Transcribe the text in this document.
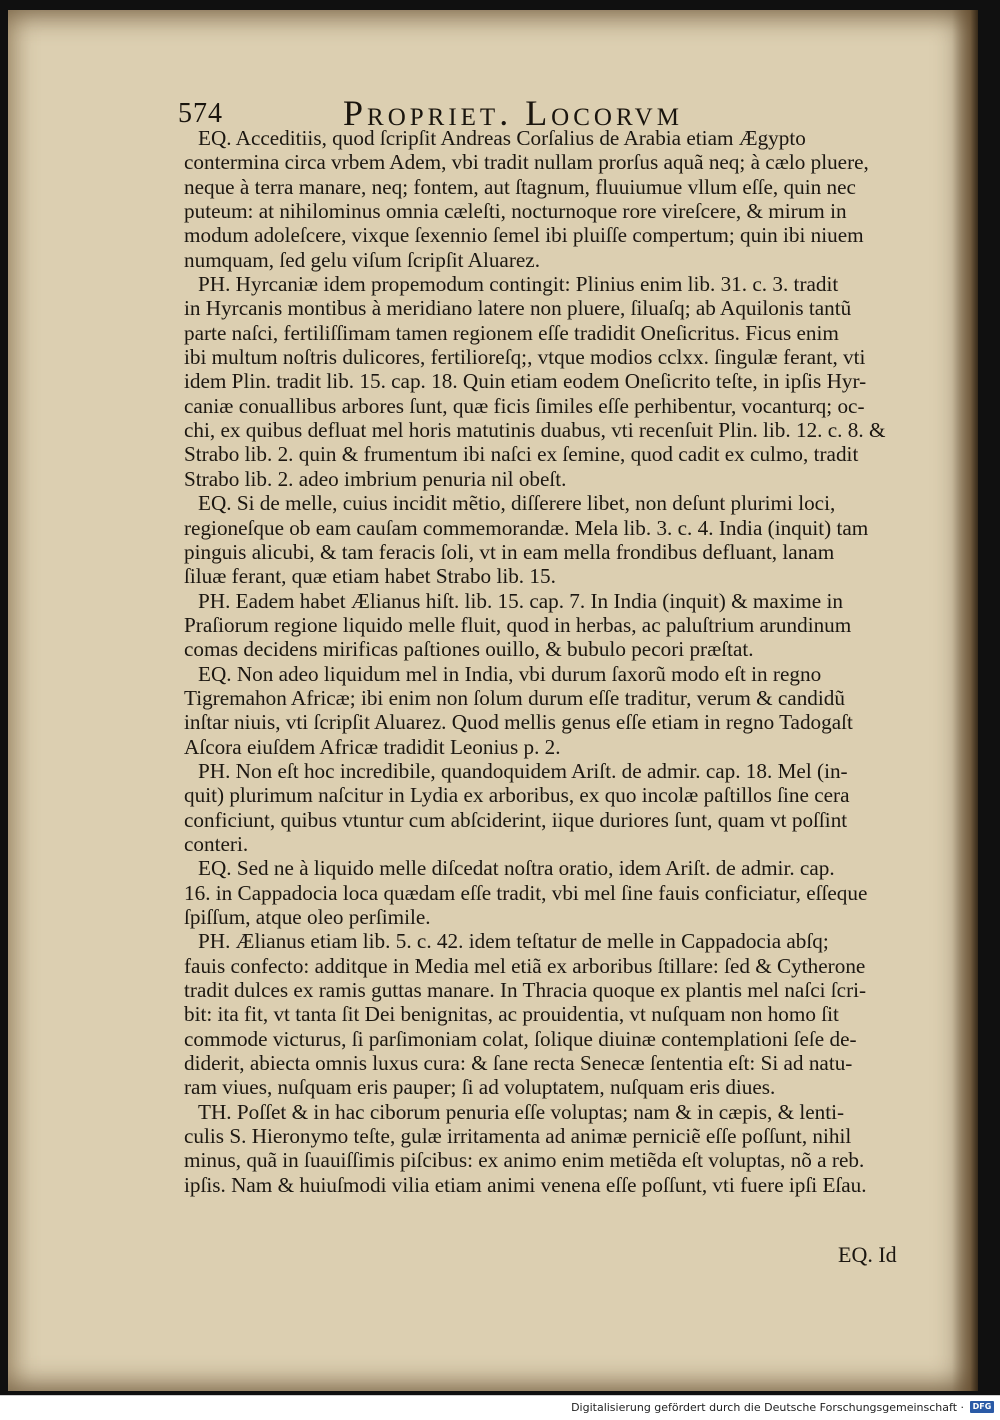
574	Propriet. Locorvm
EQ. Acceditiis, quod ſcripſit Andreas Corſalius de Arabia etiam Ægypto
contermina circa vrbem Adem, vbi tradit nullam prorſus aquã neq; à cælo pluere,
neque à terra manare, neq; fontem, aut ſtagnum, fluuiumue vllum eſſe, quin nec
puteum: at nihilominus omnia cæleſti, nocturnoque rore vireſcere, & mirum in
modum adoleſcere, vixque ſexennio ſemel ibi pluiſſe compertum; quin ibi niuem
numquam, ſed gelu viſum ſcripſit Aluarez.
PH. Hyrcaniæ idem propemodum contingit: Plinius enim lib. 31. c. 3. tradit
in Hyrcanis montibus à meridiano latere non pluere, ſiluaſq; ab Aquilonis tantũ
parte naſci, fertiliſſimam tamen regionem eſſe tradidit Oneſicritus. Ficus enim
ibi multum noſtris dulicores, fertilioreſq;, vtque modios cclxx. ſingulæ ferant, vti
idem Plin. tradit lib. 15. cap. 18. Quin etiam eodem Oneſicrito teſte, in ipſis Hyr-
caniæ conuallibus arbores ſunt, quæ ficis ſimiles eſſe perhibentur, vocanturq; oc-
chi, ex quibus defluat mel horis matutinis duabus, vti recenſuit Plin. lib. 12. c. 8. &
Strabo lib. 2. quin & frumentum ibi naſci ex ſemine, quod cadit ex culmo, tradit
Strabo lib. 2. adeo imbrium penuria nil obeſt.
EQ. Si de melle, cuius incidit mẽtio, diſſerere libet, non deſunt plurimi loci,
regioneſque ob eam cauſam commemorandæ. Mela lib. 3. c. 4. India (inquit) tam
pinguis alicubi, & tam feracis ſoli, vt in eam mella frondibus defluant, lanam
ſiluæ ferant, quæ etiam habet Strabo lib. 15.
PH. Eadem habet Ælianus hiſt. lib. 15. cap. 7. In India (inquit) & maxime in
Praſiorum regione liquido melle fluit, quod in herbas, ac paluſtrium arundinum
comas decidens mirificas paſtiones ouillo, & bubulo pecori præſtat.
EQ. Non adeo liquidum mel in India, vbi durum ſaxorũ modo eſt in regno
Tigremahon Africæ; ibi enim non ſolum durum eſſe traditur, verum & candidũ
inſtar niuis, vti ſcripſit Aluarez. Quod mellis genus eſſe etiam in regno Tadogaſt
Aſcora eiuſdem Africæ tradidit Leonius p. 2.
PH. Non eſt hoc incredibile, quandoquidem Ariſt. de admir. cap. 18. Mel (in-
quit) plurimum naſcitur in Lydia ex arboribus, ex quo incolæ paſtillos ſine cera
conficiunt, quibus vtuntur cum abſciderint, iique duriores ſunt, quam vt poſſint
conteri.
EQ. Sed ne à liquido melle diſcedat noſtra oratio, idem Ariſt. de admir. cap.
16. in Cappadocia loca quædam eſſe tradit, vbi mel ſine fauis conficiatur, eſſeque
ſpiſſum, atque oleo perſimile.
PH. Ælianus etiam lib. 5. c. 42. idem teſtatur de melle in Cappadocia abſq;
fauis confecto: additque in Media mel etiã ex arboribus ſtillare: ſed & Cytherone
tradit dulces ex ramis guttas manare. In Thracia quoque ex plantis mel naſci ſcri-
bit: ita fit, vt tanta ſit Dei benignitas, ac prouidentia, vt nuſquam non homo ſit
commode victurus, ſi parſimoniam colat, ſolique diuinæ contemplationi ſeſe de-
diderit, abiecta omnis luxus cura: & ſane recta Senecæ ſententia eſt: Si ad natu-
ram viues, nuſquam eris pauper; ſi ad voluptatem, nuſquam eris diues.
TH. Poſſet & in hac ciborum penuria eſſe voluptas; nam & in cæpis, & lenti-
culis S. Hieronymo teſte, gulæ irritamenta ad animæ perniciẽ eſſe poſſunt, nihil
minus, quã in ſuauiſſimis piſcibus: ex animo enim metiẽda eſt voluptas, nõ a reb.
ipſis. Nam & huiuſmodi vilia etiam animi venena eſſe poſſunt, vti fuere ipſi Eſau.
EQ. Id
Digitalisierung gefördert durch die Deutsche Forschungsgemeinschaft ·	DFG
